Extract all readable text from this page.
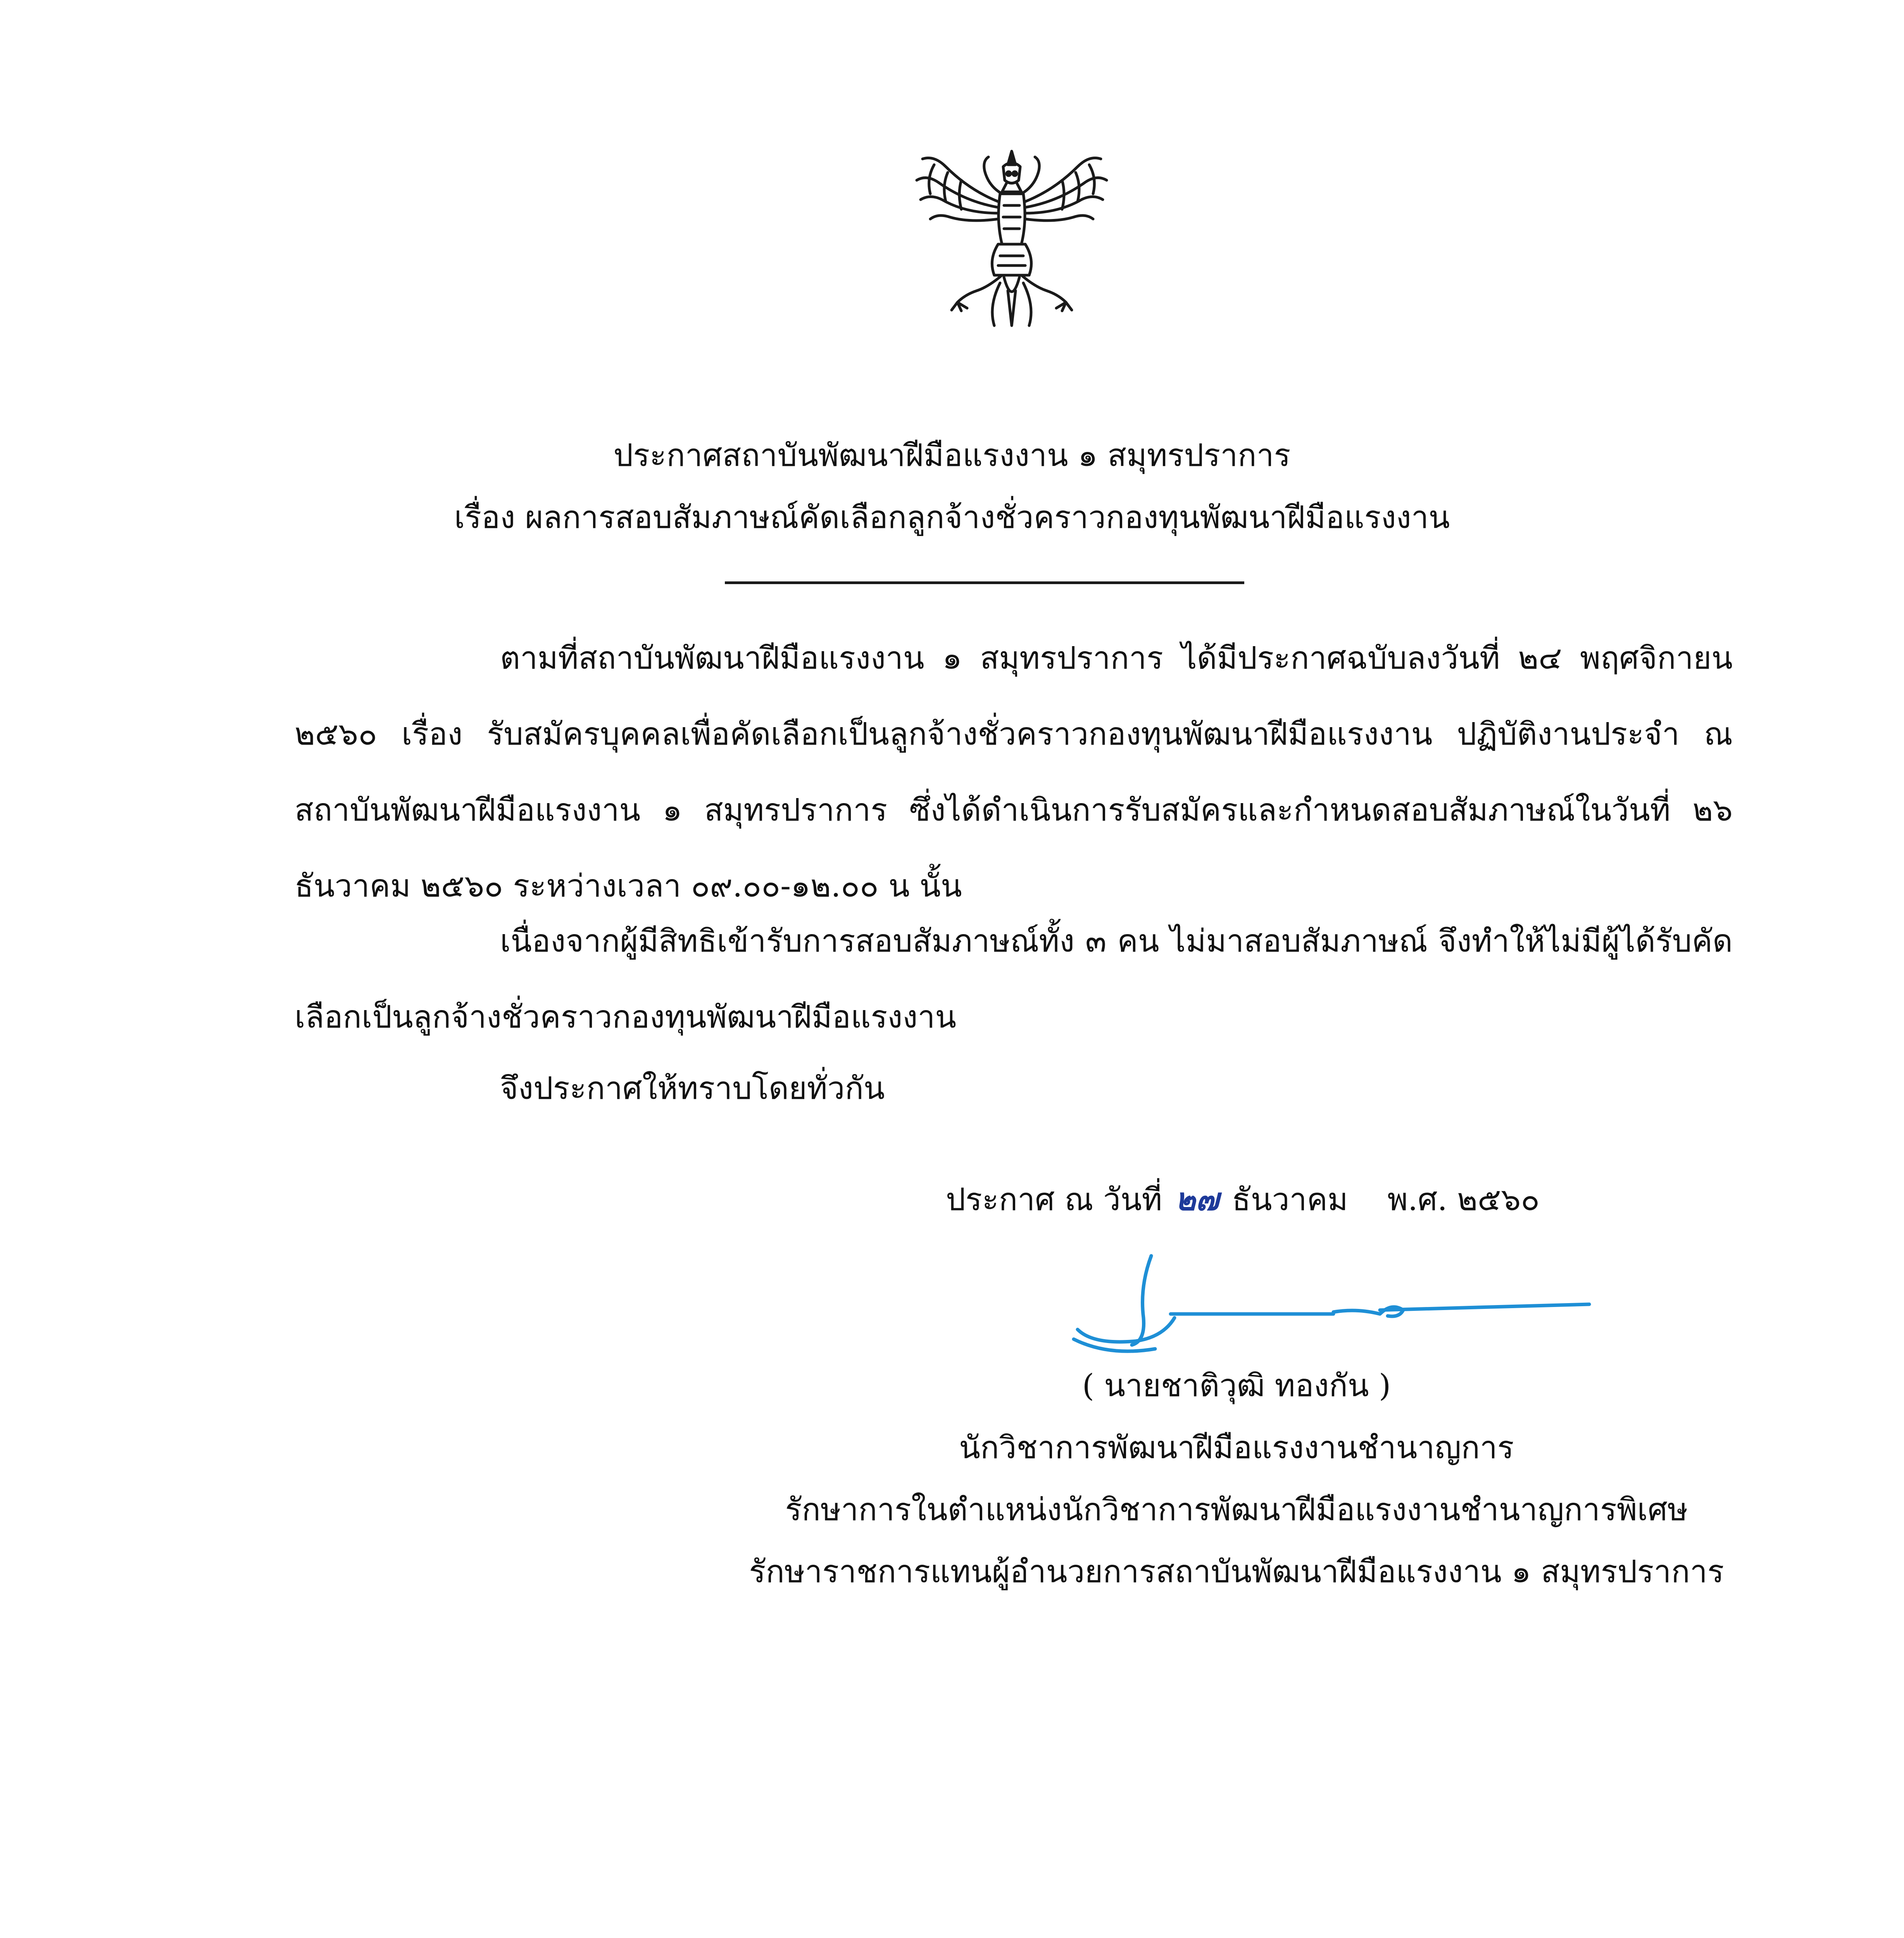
ประกาศสถาบันพัฒนาฝีมือแรงงาน ๑ สมุทรปราการ
เรื่อง ผลการสอบสัมภาษณ์คัดเลือกลูกจ้างชั่วคราวกองทุนพัฒนาฝีมือแรงงาน
ตามที่สถาบันพัฒนาฝีมือแรงงาน ๑ สมุทรปราการ ได้มีประกาศฉบับลงวันที่ ๒๔ พฤศจิกายน ๒๕๖๐ เรื่อง รับสมัครบุคคลเพื่อคัดเลือกเป็นลูกจ้างชั่วคราวกองทุนพัฒนาฝีมือแรงงาน ปฏิบัติงานประจำ ณ สถาบันพัฒนาฝีมือแรงงาน ๑ สมุทรปราการ ซึ่งได้ดำเนินการรับสมัครและกำหนดสอบสัมภาษณ์ในวันที่ ๒๖ ธันวาคม ๒๕๖๐ ระหว่างเวลา ๐๙.๐๐-๑๒.๐๐ น นั้น
เนื่องจากผู้มีสิทธิเข้ารับการสอบสัมภาษณ์ทั้ง ๓ คน ไม่มาสอบสัมภาษณ์ จึงทำให้ไม่มีผู้ได้รับคัดเลือกเป็นลูกจ้างชั่วคราวกองทุนพัฒนาฝีมือแรงงาน
จึงประกาศให้ทราบโดยทั่วกัน
ประกาศ ณ วันที่ ๒๗ ธันวาคม พ.ศ. ๒๕๖๐
( นายชาติวุฒิ ทองกัน )
นักวิชาการพัฒนาฝีมือแรงงานชำนาญการ
รักษาการในตำแหน่งนักวิชาการพัฒนาฝีมือแรงงานชำนาญการพิเศษ
รักษาราชการแทนผู้อำนวยการสถาบันพัฒนาฝีมือแรงงาน ๑ สมุทรปราการ
